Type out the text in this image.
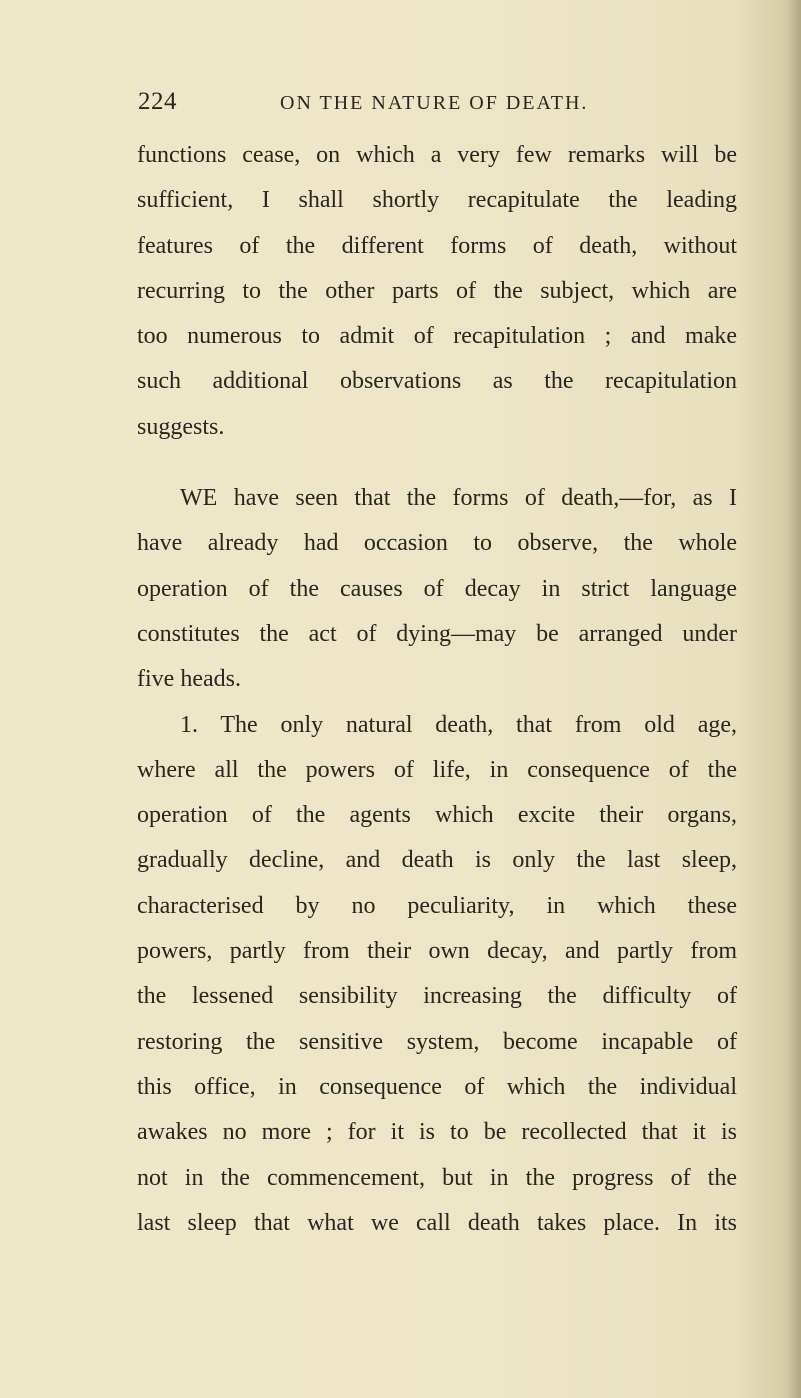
224	ON THE NATURE OF DEATH.
functions cease, on which a very few remarks will be
sufficient, I shall shortly recapitulate the leading
features of the different forms of death, without
recurring to the other parts of the subject, which are
too numerous to admit of recapitulation ; and make
such additional observations as the recapitulation
suggests.
WE have seen that the forms of death,—for, as I
have already had occasion to observe, the whole
operation of the causes of decay in strict language
constitutes the act of dying—may be arranged under
five heads.
1. The only natural death, that from old age,
where all the powers of life, in consequence of the
operation of the agents which excite their organs,
gradually decline, and death is only the last sleep,
characterised by no peculiarity, in which these
powers, partly from their own decay, and partly from
the lessened sensibility increasing the difficulty of
restoring the sensitive system, become incapable of
this office, in consequence of which the individual
awakes no more ; for it is to be recollected that it is
not in the commencement, but in the progress of the
last sleep that what we call death takes place. In its
